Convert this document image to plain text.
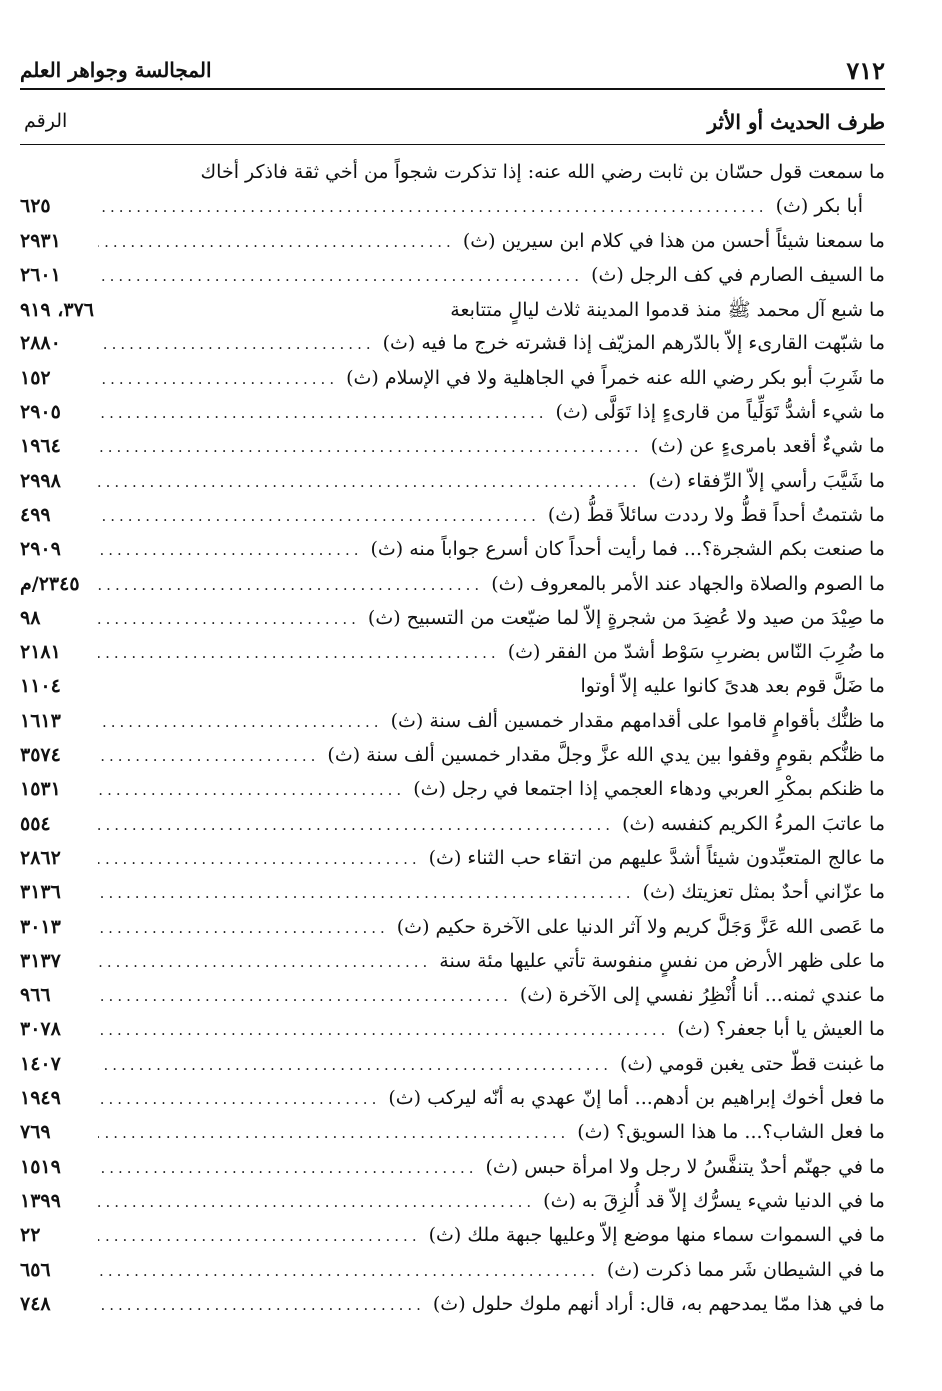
٧١٢
المجالسة وجواهر العلم
طرف الحديث أو الأثر
الرقم
ما سمعت قول حسّان بن ثابت رضي الله عنه: إذا تذكرت شجواً من أخي ثقة فاذكر أخاك
أبا بكر (ث)
.....
٦٢٥
ما سمعنا شيئاً أحسن من هذا في كلام ابن سيرين (ث)
.....
٢٩٣١
ما السيف الصارم في كف الرجل (ث)
.....
٢٦٠١
ما شبع آل محمد ﷺ منذ قدموا المدينة ثلاث ليالٍ متتابعة
٣٧٦، ٩١٩
ما شبّهت القارىء إلاّ بالدّرهم المزيّف إذا قشرته خرج ما فيه (ث)
.....
٢٨٨٠
ما شَرِبَ أبو بكر رضي الله عنه خمراً في الجاهلية ولا في الإسلام (ث)
.....
١٥٢
ما شيء أشدُّ تَوَلِّياً من قارىءٍ إذا تَوَلَّى (ث)
.....
٢٩٠٥
ما شيءٌ أقعد بامرىءٍ عن (ث)
.....
١٩٦٤
ما شَيَّبَ رأسي إلاّ الرِّفقاء (ث)
.....
٢٩٩٨
ما شتمتُ أحداً قطُّ ولا رددت سائلاً قطُّ (ث)
.....
٤٩٩
ما صنعت بكم الشجرة؟... فما رأيت أحداً كان أسرع جواباً منه (ث)
.....
٢٩٠٩
ما الصوم والصلاة والجهاد عند الأمر بالمعروف (ث)
.....
٢٣٤٥/م
ما صِيْدَ من صيد ولا عُضِدَ من شجرةٍ إلاّ لما ضيّعت من التسبيح (ث)
.....
٩٨
ما ضُرِبَ النّاس بضربِ سَوْط أشدّ من الفقر (ث)
.....
٢١٨١
ما ضَلَّ قوم بعد هدىً كانوا عليه إلاّ أوتوا
١١٠٤
ما ظنُّك بأقوامٍ قاموا على أقدامهم مقدار خمسين ألف سنة (ث)
.....
١٦١٣
ما ظنُّكم بقومٍ وقفوا بين يدي الله عزَّ وجلَّ مقدار خمسين ألف سنة (ث)
.....
٣٥٧٤
ما ظنكم بمكْرِ العربي ودهاء العجمي إذا اجتمعا في رجل (ث)
.....
١٥٣١
ما عاتبَ المرءُ الكريم كنفسه (ث)
.....
٥٥٤
ما عالج المتعبِّدون شيئاً أشدَّ عليهم من اتقاء حب الثناء (ث)
.....
٢٨٦٢
ما عزّاني أحدٌ بمثل تعزيتك (ث)
.....
٣١٣٦
ما عَصى الله عَزَّ وَجَلَّ كريم ولا آثر الدنيا على الآخرة حكيم (ث)
.....
٣٠١٣
ما على ظهر الأرض من نفسٍ منفوسة تأتي عليها مئة سنة
.....
٣١٣٧
ما عندي ثمنه... أنا أُنْظِرُ نفسي إلى الآخرة (ث)
.....
٩٦٦
ما العيش يا أبا جعفر؟ (ث)
.....
٣٠٧٨
ما غبنت قطّ حتى يغبن قومي (ث)
.....
١٤٠٧
ما فعل أخوك إبراهيم بن أدهم... أما إنّ عهدي به أنّه ليركب (ث)
.....
١٩٤٩
ما فعل الشاب؟... ما هذا السويق؟ (ث)
.....
٧٦٩
ما في جهنّم أحدٌ يتنفَّسُ لا رجل ولا امرأة حبس (ث)
.....
١٥١٩
ما في الدنيا شيء يسرُّك إلاّ قد أُلزِقَ به (ث)
.....
١٣٩٩
ما في السموات سماء منها موضع إلاّ وعليها جبهة ملك (ث)
.....
٢٢
ما في الشيطان شَر مما ذكرت (ث)
.....
٦٥٦
ما في هذا ممّا يمدحهم به، قال: أراد أنهم ملوك حلول (ث)
.....
٧٤٨
